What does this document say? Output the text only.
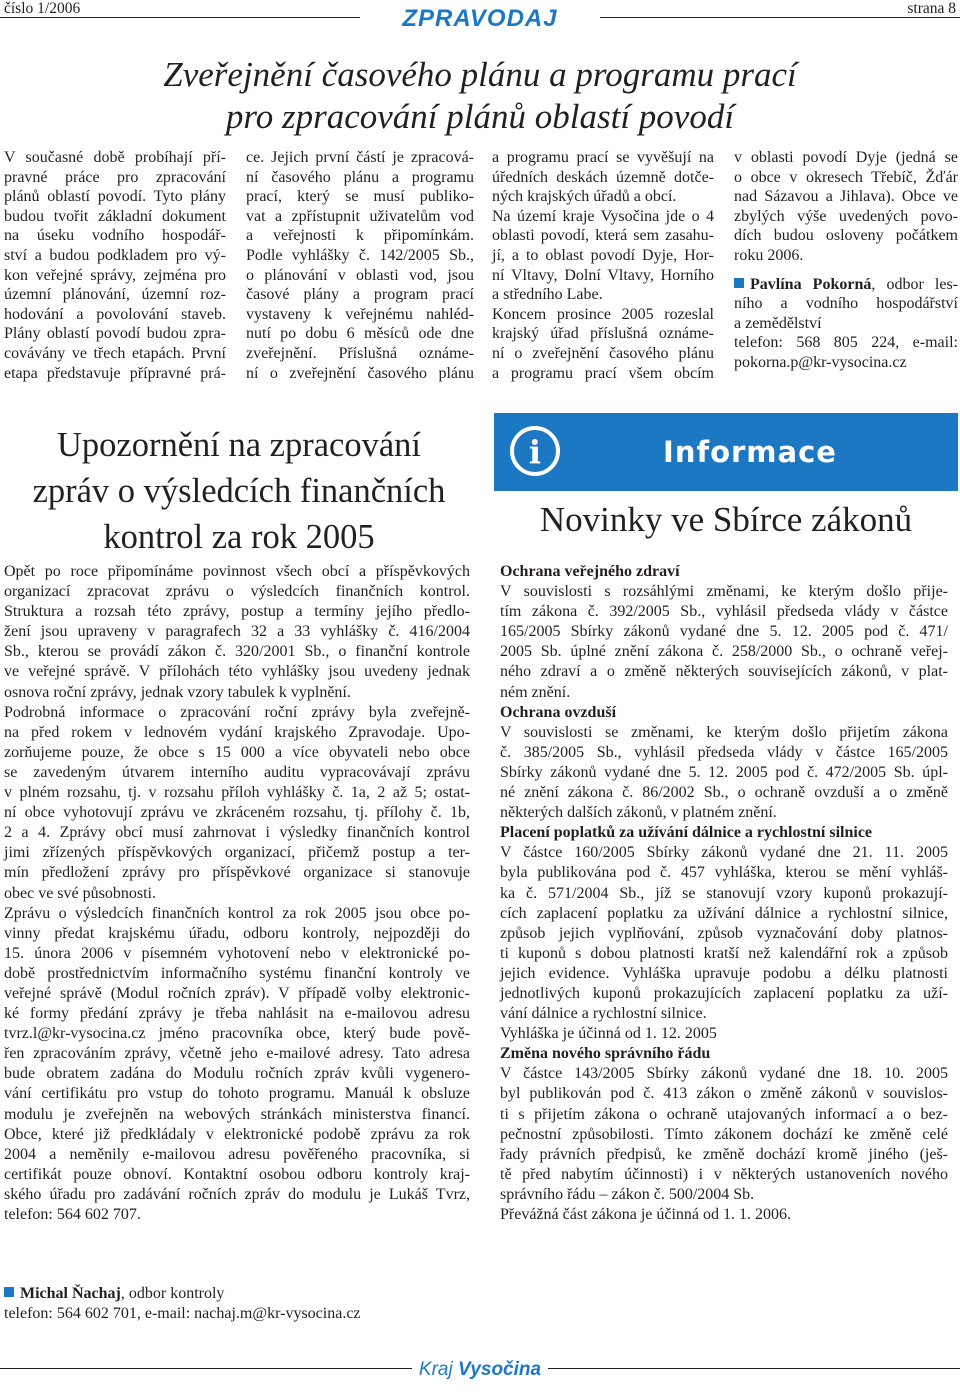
číslo 1/2006	ZPRAVODAJ	strana 8
Zveřejnění časového plánu a programu prací
pro zpracování plánů oblastí povodí
V současné době probíhají pří-
pravné práce pro zpracování
plánů oblastí povodí. Tyto plány
budou tvořit základní dokument
na úseku vodního hospodář-
ství a budou podkladem pro vý-
kon veřejné správy, zejména pro
územní plánování, územní roz-
hodování a povolování staveb.
Plány oblastí povodí budou zpra-
covávány ve třech etapách. První
etapa představuje přípravné prá-
ce. Jejich první částí je zpracová-
ní časového plánu a programu
prací, který se musí publiko-
vat a zpřístupnit uživatelům vod
a veřejnosti k připomínkám.
Podle vyhlášky č. 142/2005 Sb.,
o plánování v oblasti vod, jsou
časové plány a program prací
vystaveny k veřejnému nahléd-
nutí po dobu 6 měsíců ode dne
zveřejnění. Příslušná oznáme-
ní o zveřejnění časového plánu
a programu prací se vyvěšují na
úředních deskách územně dotče-
ných krajských úřadů a obcí.
Na území kraje Vysočina jde o 4
oblasti povodí, která sem zasahu-
jí, a to oblast povodí Dyje, Hor-
ní Vltavy, Dolní Vltavy, Horního
a středního Labe.
Koncem prosince 2005 rozeslal
krajský úřad příslušná oznáme-
ní o zveřejnění časového plánu
a programu prací všem obcím
v oblasti povodí Dyje (jedná se
o obce v okresech Třebíč, Žďár
nad Sázavou a Jihlava). Obce ve
zbylých výše uvedených povo-
dích budou osloveny počátkem
roku 2006.
Pavlína Pokorná, odbor les-
ního a vodního hospodářství
a zemědělství
telefon: 568 805 224, e-mail:
pokorna.p@kr-vysocina.cz
Upozornění na zpracování
zpráv o výsledcích finančních
kontrol za rok 2005
Opět po roce připomínáme povinnost všech obcí a příspěvkových
organizací zpracovat zprávu o výsledcích finančních kontrol.
Struktura a rozsah této zprávy, postup a termíny jejího předlo-
žení jsou upraveny v paragrafech 32 a 33 vyhlášky č. 416/2004
Sb., kterou se provádí zákon č. 320/2001 Sb., o finanční kontrole
ve veřejné správě. V přílohách této vyhlášky jsou uvedeny jednak
osnova roční zprávy, jednak vzory tabulek k vyplnění.
Podrobná informace o zpracování roční zprávy byla zveřejně-
na před rokem v lednovém vydání krajského Zpravodaje. Upo-
zorňujeme pouze, že obce s 15 000 a více obyvateli nebo obce
se zavedeným útvarem interního auditu vypracovávají zprávu
v plném rozsahu, tj. v rozsahu příloh vyhlášky č. 1a, 2 až 5; ostat-
ní obce vyhotovují zprávu ve zkráceném rozsahu, tj. přílohy č. 1b,
2 a 4. Zprávy obcí musí zahrnovat i výsledky finančních kontrol
jimi zřízených příspěvkových organizací, přičemž postup a ter-
mín předložení zprávy pro příspěvkové organizace si stanovuje
obec ve své působnosti.
Zprávu o výsledcích finančních kontrol za rok 2005 jsou obce po-
vinny předat krajskému úřadu, odboru kontroly, nejpozději do
15. února 2006 v písemném vyhotovení nebo v elektronické po-
době prostřednictvím informačního systému finanční kontroly ve
veřejné správě (Modul ročních zpráv). V případě volby elektronic-
ké formy předání zprávy je třeba nahlásit na e-mailovou adresu
tvrz.l@kr-vysocina.cz jméno pracovníka obce, který bude pově-
řen zpracováním zprávy, včetně jeho e-mailové adresy. Tato adresa
bude obratem zadána do Modulu ročních zpráv kvůli vygenero-
vání certifikátu pro vstup do tohoto programu. Manuál k obsluze
modulu je zveřejněn na webových stránkách ministerstva financí.
Obce, které již předkládaly v elektronické podobě zprávu za rok
2004 a neměnily e-mailovou adresu pověřeného pracovníka, si
certifikát pouze obnoví. Kontaktní osobou odboru kontroly kraj-
ského úřadu pro zadávání ročních zpráv do modulu je Lukáš Tvrz,
telefon: 564 602 707.
Michal Ňachaj, odbor kontroly
telefon: 564 602 701, e-mail: nachaj.m@kr-vysocina.cz
i	Informace
Novinky ve Sbírce zákonů
Ochrana veřejného zdraví
V souvislosti s rozsáhlými změnami, ke kterým došlo přije-
tím zákona č. 392/2005 Sb., vyhlásil předseda vlády v částce
165/2005 Sbírky zákonů vydané dne 5. 12. 2005 pod č. 471/
2005 Sb. úplné znění zákona č. 258/2000 Sb., o ochraně veřej-
ného zdraví a o změně některých souvisejících zákonů, v plat-
ném znění.
Ochrana ovzduší
V souvislosti se změnami, ke kterým došlo přijetím zákona
č. 385/2005 Sb., vyhlásil předseda vlády v částce 165/2005
Sbírky zákonů vydané dne 5. 12. 2005 pod č. 472/2005 Sb. úpl-
né znění zákona č. 86/2002 Sb., o ochraně ovzduší a o změně
některých dalších zákonů, v platném znění.
Placení poplatků za užívání dálnice a rychlostní silnice
V částce 160/2005 Sbírky zákonů vydané dne 21. 11. 2005
byla publikována pod č. 457 vyhláška, kterou se mění vyhláš-
ka č. 571/2004 Sb., jíž se stanovují vzory kuponů prokazují-
cích zaplacení poplatku za užívání dálnice a rychlostní silnice,
způsob jejich vyplňování, způsob vyznačování doby platnos-
ti kuponů s dobou platnosti kratší než kalendářní rok a způsob
jejich evidence. Vyhláška upravuje podobu a délku platnosti
jednotlivých kuponů prokazujících zaplacení poplatku za uží-
vání dálnice a rychlostní silnice.
Vyhláška je účinná od 1. 12. 2005
Změna nového správního řádu
V částce 143/2005 Sbírky zákonů vydané dne 18. 10. 2005
byl publikován pod č. 413 zákon o změně zákonů v souvislos-
ti s přijetím zákona o ochraně utajovaných informací a o bez-
pečnostní způsobilosti. Tímto zákonem dochází ke změně celé
řady právních předpisů, ke změně dochází kromě jiného (ješ-
tě před nabytím účinnosti) i v některých ustanoveních nového
správního řádu – zákon č. 500/2004 Sb.
Převážná část zákona je účinná od 1. 1. 2006.
Kraj Vysočina
